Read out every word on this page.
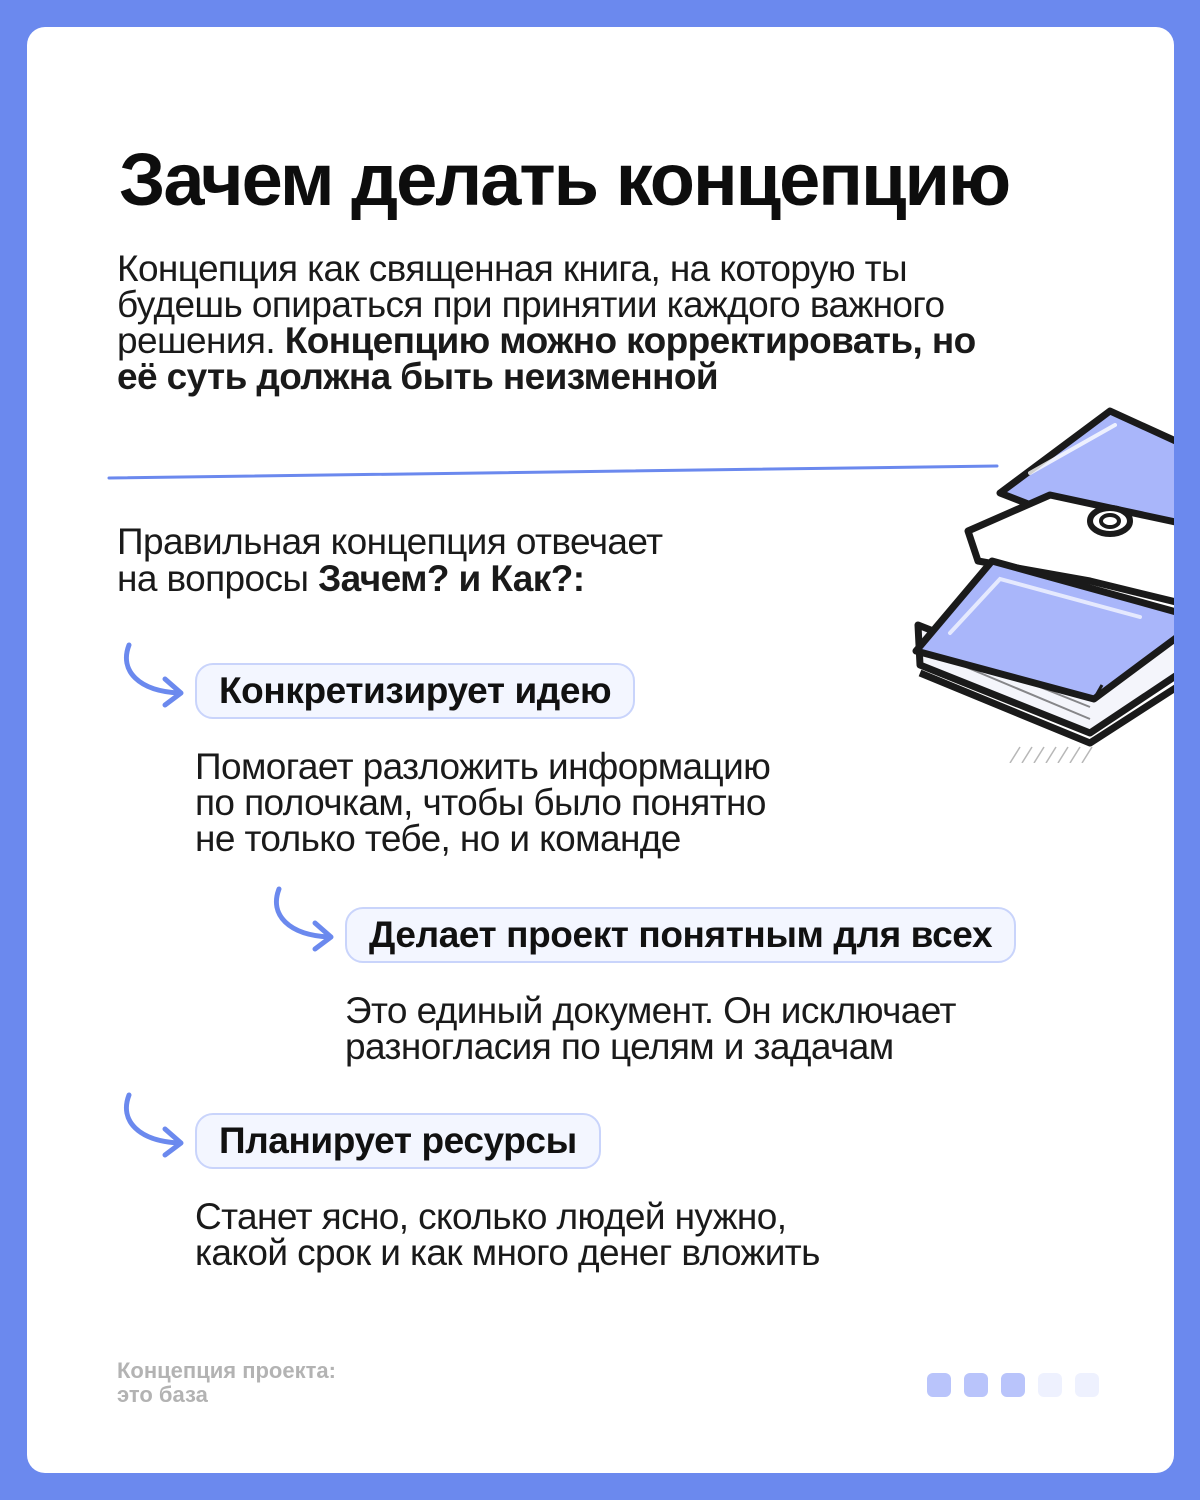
Зачем делать концепцию

Концепция как священная книга, на которую ты будешь опираться при принятии каждого важного решения. Концепцию можно корректировать, но её суть должна быть неизменной

Правильная концепция отвечает
на вопросы Зачем? и Как?:

Конкретизирует идею

Помогает разложить информацию
по полочкам, чтобы было понятно
не только тебе, но и команде

Делает проект понятным для всех

Это единый документ. Он исключает
разногласия по целям и задачам

Планирует ресурсы

Станет ясно, сколько людей нужно,
какой срок и как много денег вложить

Концепция проекта:
это база
